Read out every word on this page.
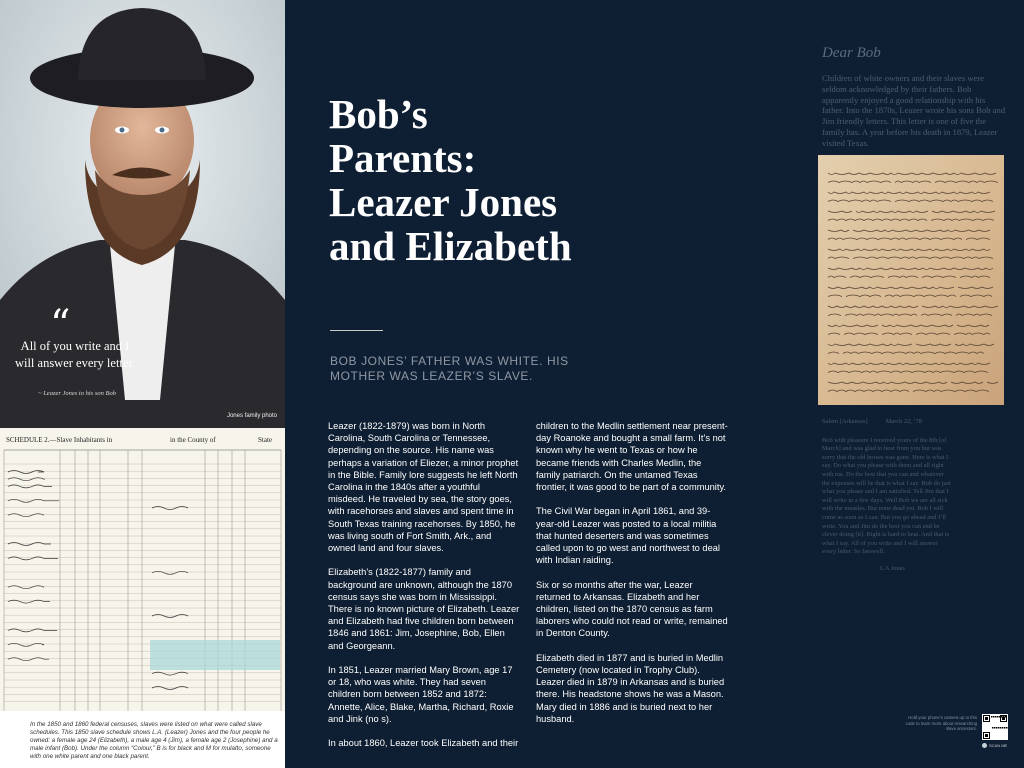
“
All of you write and I will answer every letter.
~ Leazer Jones to his son Bob
Jones family photo
SCHEDULE 2.—Slave Inhabitants in	in the County of	State
In the 1850 and 1860 federal censuses, slaves were listed on what were called slave schedules. This 1850 slave schedule shows L.A. (Leazer) Jones and the four people he owned: a female age 24 (Elizabeth), a male age 4 (Jim), a female age 2 (Josephine) and a male infant (Bob). Under the column “Colour,” B is for black and M for mulatto, someone with one white parent and one black parent.
Bob’s Parents: Leazer Jones and Elizabeth
BOB JONES’ FATHER WAS WHITE. HIS MOTHER WAS LEAZER’S SLAVE.

Leazer (1822-1879) was born in North Carolina, South Carolina or Tennessee, depending on the source. His name was perhaps a variation of Eliezer, a minor prophet in the Bible. Family lore suggests he left North Carolina in the 1840s after a youthful misdeed. He traveled by sea, the story goes, with racehorses and slaves and spent time in South Texas training racehorses. By 1850, he was living south of Fort Smith, Ark., and owned land and four slaves.

Elizabeth’s (1822-1877) family and background are unknown, although the 1870 census says she was born in Mississippi. There is no known picture of Elizabeth. Leazer and Elizabeth had five children born between 1846 and 1861: Jim, Josephine, Bob, Ellen and Georgeann.

In 1851, Leazer married Mary Brown, age 17 or 18, who was white. They had seven children born between 1852 and 1872: Annette, Alice, Blake, Martha, Richard, Roxie and Jink (no s).

In about 1860, Leazer took Elizabeth and their

children to the Medlin settlement near present-day Roanoke and bought a small farm. It’s not known why he went to Texas or how he became friends with Charles Medlin, the family patriarch. On the untamed Texas frontier, it was good to be part of a community.

The Civil War began in April 1861, and 39-year-old Leazer was posted to a local militia that hunted deserters and was sometimes called upon to go west and northwest to deal with Indian raiding.

Six or so months after the war, Leazer returned to Arkansas. Elizabeth and her children, listed on the 1870 census as farm laborers who could not read or write, remained in Denton County.

Elizabeth died in 1877 and is buried in Medlin Cemetery (now located in Trophy Club). Leazer died in 1879 in Arkansas and is buried there. His headstone shows he was a Mason. Mary died in 1886 and is buried next to her husband.

Dear Bob
Children of white owners and their slaves were seldom acknowledged by their fathers. Bob apparently enjoyed a good relationship with his father. Into the 1870s, Leazer wrote his sons Bob and Jim friendly letters. This letter is one of five the family has. A year before his death in 1879, Leazer visited Texas.
Salem [Arkansas]	March 22, ’78
Bob with pleasure I received yours of the 8th [of March] and was glad to hear from you but was sorry that the old horses was gone. Here is what I say. Do what you please with them and all right with me. Do the best that you can and whatever the expenses will be that is what I say. Bob do just what you please and I am satisfied. Tell Jim that I will write in a few days. Well Bob we are all sick with the measles. But none dead yet. Bob I will come as soon as I can. But you go ahead and I’ll write. You and Jim do the best you can and be clever doing [it]. Right is hard to beat. And that is what I say. All of you write and I will answer every letter. So farewell.
L A Jones
Hold your phone’s camera up to this code to learn more about researching slave ancestors.
SCAN ME
